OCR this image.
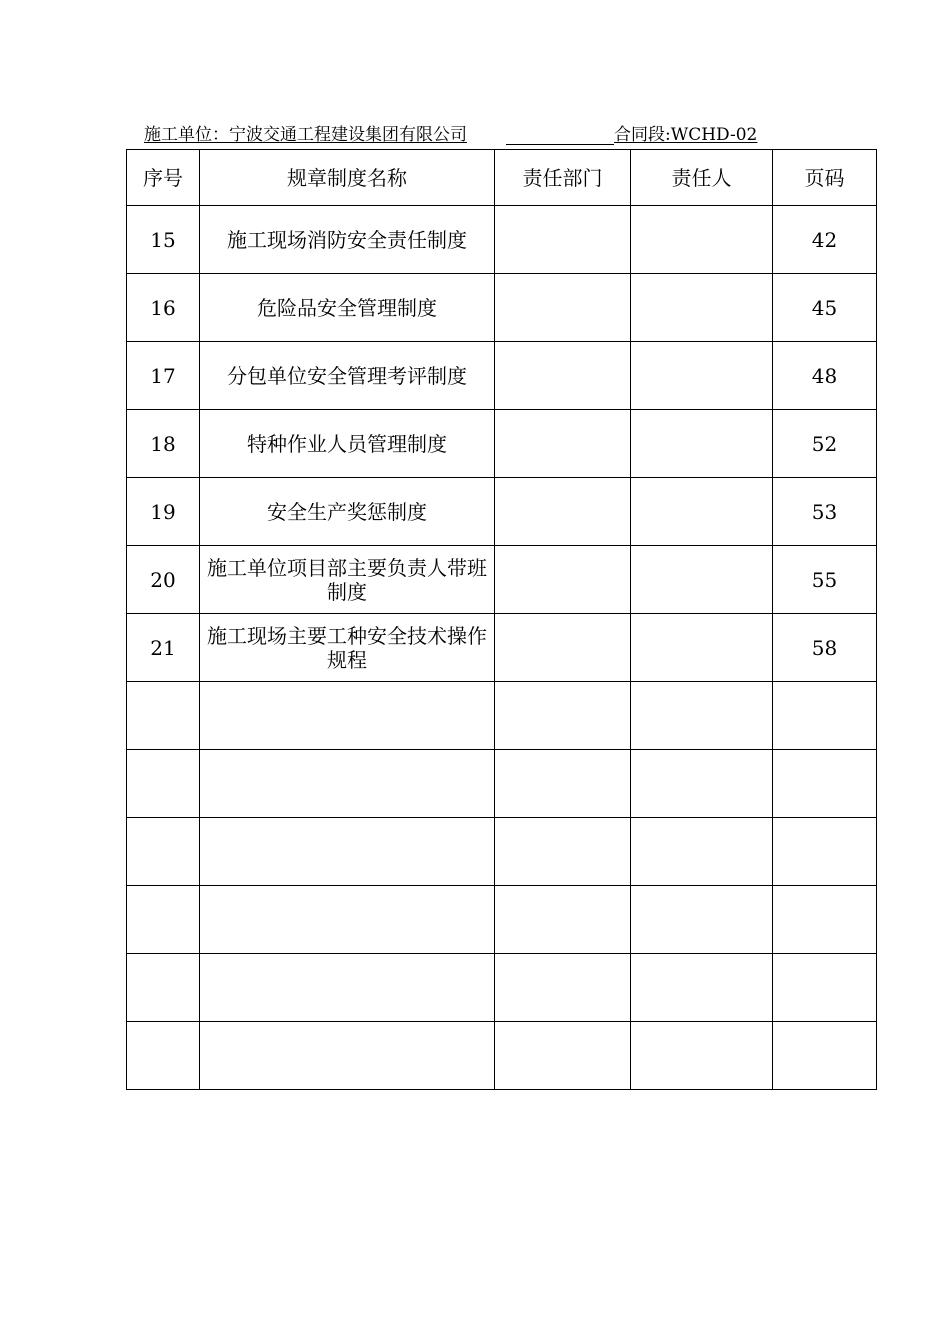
施工单位：宁波交通工程建设集团有限公司	合同段:WCHD-02
序号	规章制度名称	责任部门	责任人	页码
15	施工现场消防安全责任制度			42
16	危险品安全管理制度			45
17	分包单位安全管理考评制度			48
18	特种作业人员管理制度			52
19	安全生产奖惩制度			53
20	施工单位项目部主要负责人带班制度			55
21	施工现场主要工种安全技术操作规程			58
